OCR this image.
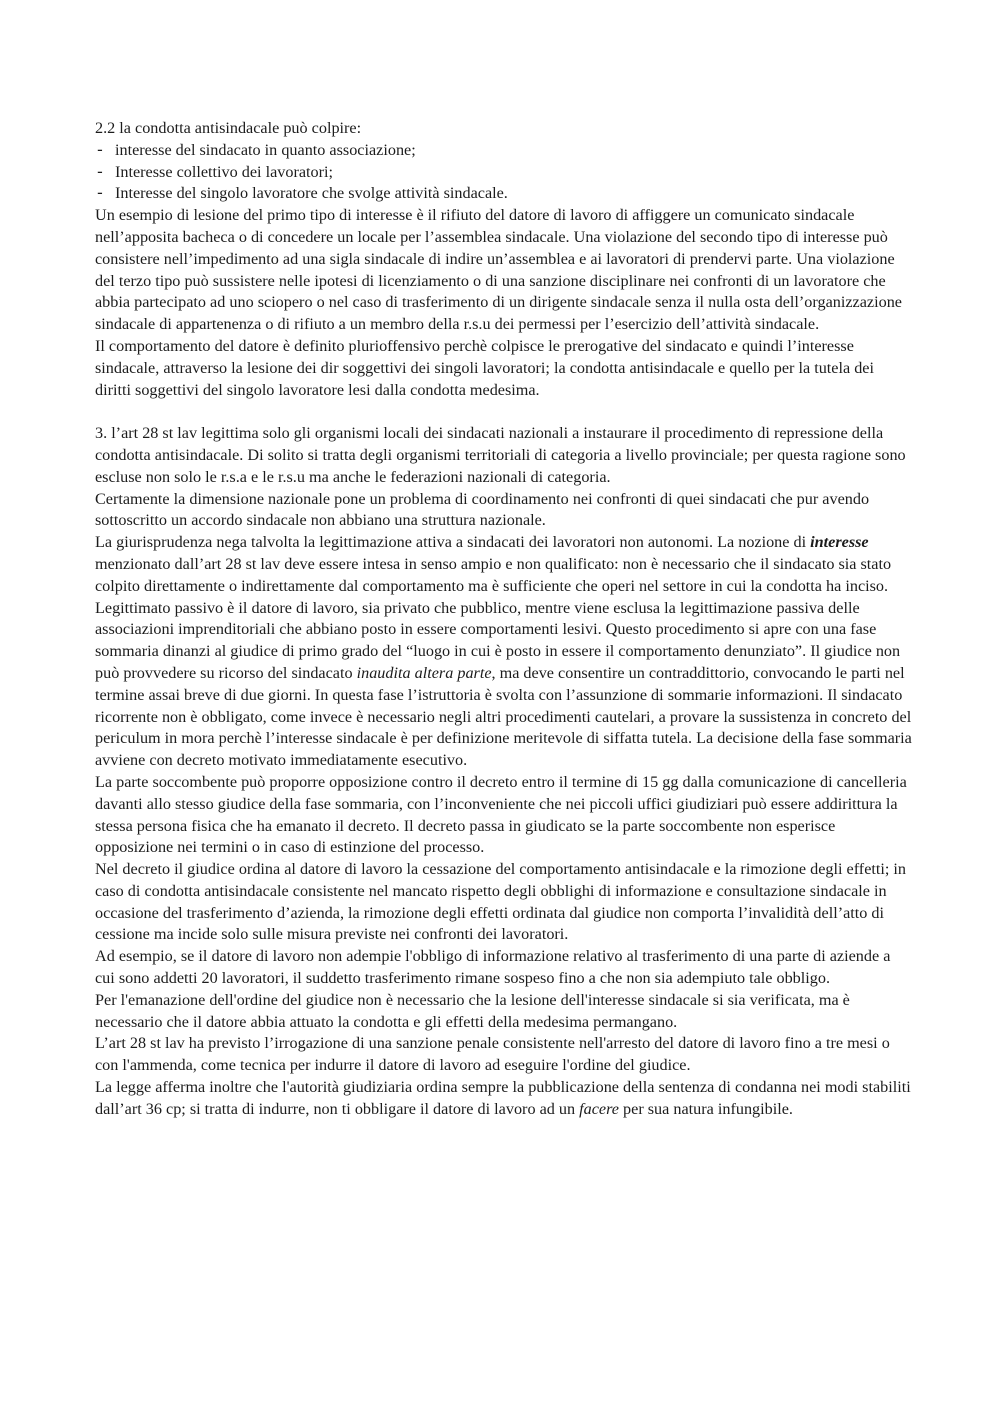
2.2 la condotta antisindacale può colpire:

- interesse del sindacato in quanto associazione;
- Interesse collettivo dei lavoratori;
- Interesse del singolo lavoratore che svolge attività sindacale.

Un esempio di lesione del primo tipo di interesse è il rifiuto del datore di lavoro di affiggere un comunicato sindacale nell’apposita bacheca o di concedere un locale per l’assemblea sindacale. Una violazione del secondo tipo di interesse può consistere nell’impedimento ad una sigla sindacale di indire un’assemblea e ai lavoratori di prendervi parte. Una violazione del terzo tipo può sussistere nelle ipotesi di licenziamento o di una sanzione disciplinare nei confronti di un lavoratore che abbia partecipato ad uno sciopero o nel caso di trasferimento di un dirigente sindacale senza il nulla osta dell’organizzazione sindacale di appartenenza o di rifiuto a un membro della r.s.u dei permessi per l’esercizio dell’attività sindacale.

Il comportamento del datore è definito plurioffensivo perchè colpisce le prerogative del sindacato e quindi l’interesse sindacale, attraverso la lesione dei dir soggettivi dei singoli lavoratori; la condotta antisindacale e quello per la tutela dei diritti soggettivi del singolo lavoratore lesi dalla condotta medesima.

3. l’art 28 st lav legittima solo gli organismi locali dei sindacati nazionali a instaurare il procedimento di repressione della condotta antisindacale. Di solito si tratta degli organismi territoriali di categoria a livello provinciale; per questa ragione sono escluse non solo le r.s.a e le r.s.u ma anche le federazioni nazionali di categoria.

Certamente la dimensione nazionale pone un problema di coordinamento nei confronti di quei sindacati che pur avendo sottoscritto un accordo sindacale non abbiano una struttura nazionale.

La giurisprudenza nega talvolta la legittimazione attiva a sindacati dei lavoratori non autonomi. La nozione di interesse menzionato dall’art 28 st lav deve essere intesa in senso ampio e non qualificato: non è necessario che il sindacato sia stato colpito direttamente o indirettamente dal comportamento ma è sufficiente che operi nel settore in cui la condotta ha inciso.

Legittimato passivo è il datore di lavoro, sia privato che pubblico, mentre viene esclusa la legittimazione passiva delle associazioni imprenditoriali che abbiano posto in essere comportamenti lesivi. Questo procedimento si apre con una fase sommaria dinanzi al giudice di primo grado del “luogo in cui è posto in essere il comportamento denunziato”. Il giudice non può provvedere su ricorso del sindacato inaudita altera parte, ma deve consentire un contraddittorio, convocando le parti nel termine assai breve di due giorni. In questa fase l’istruttoria è svolta con l’assunzione di sommarie informazioni. Il sindacato ricorrente non è obbligato, come invece è necessario negli altri procedimenti cautelari, a provare la sussistenza in concreto del periculum in mora perchè l’interesse sindacale è per definizione meritevole di siffatta tutela. La decisione della fase sommaria avviene con decreto motivato immediatamente esecutivo.

La parte soccombente può proporre opposizione contro il decreto entro il termine di 15 gg dalla comunicazione di cancelleria davanti allo stesso giudice della fase sommaria, con l’inconveniente che nei piccoli uffici giudiziari può essere addirittura la stessa persona fisica che ha emanato il decreto. Il decreto passa in giudicato se la parte soccombente non esperisce opposizione nei termini o in caso di estinzione del processo.

Nel decreto il giudice ordina al datore di lavoro la cessazione del comportamento antisindacale e la rimozione degli effetti; in caso di condotta antisindacale consistente nel mancato rispetto degli obblighi di informazione e consultazione sindacale in occasione del trasferimento d’azienda, la rimozione degli effetti ordinata dal giudice non comporta l’invalidità dell’atto di cessione ma incide solo sulle misura previste nei confronti dei lavoratori.

Ad esempio, se il datore di lavoro non adempie l'obbligo di informazione relativo al trasferimento di una parte di aziende a cui sono addetti 20 lavoratori, il suddetto trasferimento rimane sospeso fino a che non sia adempiuto tale obbligo.

Per l'emanazione dell'ordine del giudice non è necessario che la lesione dell'interesse sindacale si sia verificata, ma è necessario che il datore abbia attuato la condotta e gli effetti della medesima permangano.

L’art 28 st lav ha previsto l’irrogazione di una sanzione penale consistente nell'arresto del datore di lavoro fino a tre mesi o con l'ammenda, come tecnica per indurre il datore di lavoro ad eseguire l'ordine del giudice.

La legge afferma inoltre che l'autorità giudiziaria ordina sempre la pubblicazione della sentenza di condanna nei modi stabiliti dall’art 36 cp; si tratta di indurre, non ti obbligare il datore di lavoro ad un facere per sua natura infungibile.
